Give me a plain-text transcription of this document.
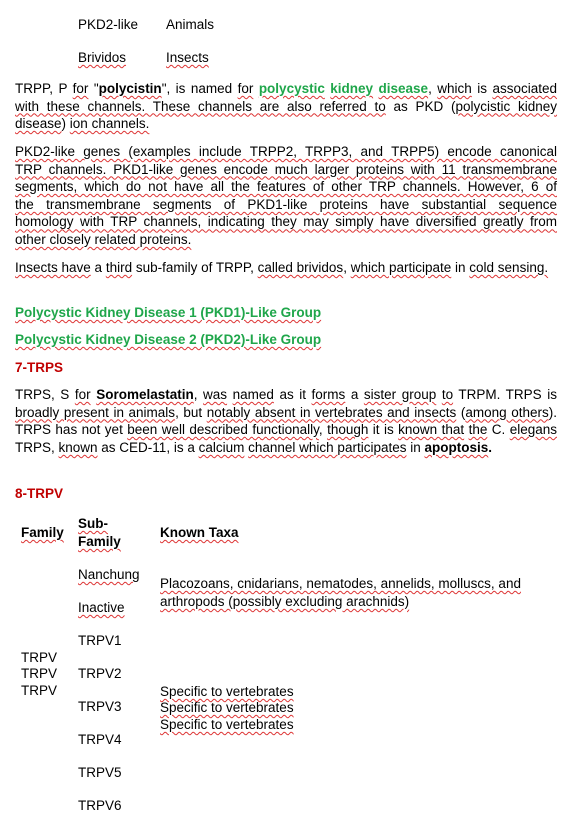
PKD2-like Animals
Brividos	Insects

TRPP, P for "polycistin", is named for polycystic kidney disease, which is associated with these channels. These channels are also referred to as PKD (polycistic kidney disease) ion channels.

PKD2-like genes (examples include TRPP2, TRPP3, and TRPP5) encode canonical
TRP channels. PKD1-like genes encode much larger proteins with 11 transmembrane
segments, which do not have all the features of other TRP channels. However, 6 of
the transmembrane segments of PKD1-like proteins have substantial sequence
homology with TRP channels, indicating they may simply have diversified greatly from
other closely related proteins.

Insects have a third sub-family of TRPP, called brividos, which participate in cold sensing.

Polycystic Kidney Disease 1 (PKD1)-Like Group
Polycystic Kidney Disease 2 (PKD2)-Like Group
7-TRPS

TRPS, S for Soromelastatin, was named as it forms a sister group to TRPM. TRPS is broadly present in animals, but notably absent in vertebrates and insects (among others). TRPS has not yet been well described functionally, though it is known that the C. elegans TRPS, known as CED-11, is a calcium channel which participates in apoptosis.

8-TRPV
Family
Sub-
Family
Known Taxa
Nanchung
Inactive
TRPV1
TRPV2
TRPV3
TRPV4
TRPV5
TRPV6
TRPV
TRPV
TRPV
Placozoans, cnidarians, nematodes, annelids, molluscs, and
arthropods (possibly excluding arachnids)
Specific to vertebrates
Specific to vertebrates
Specific to vertebrates
